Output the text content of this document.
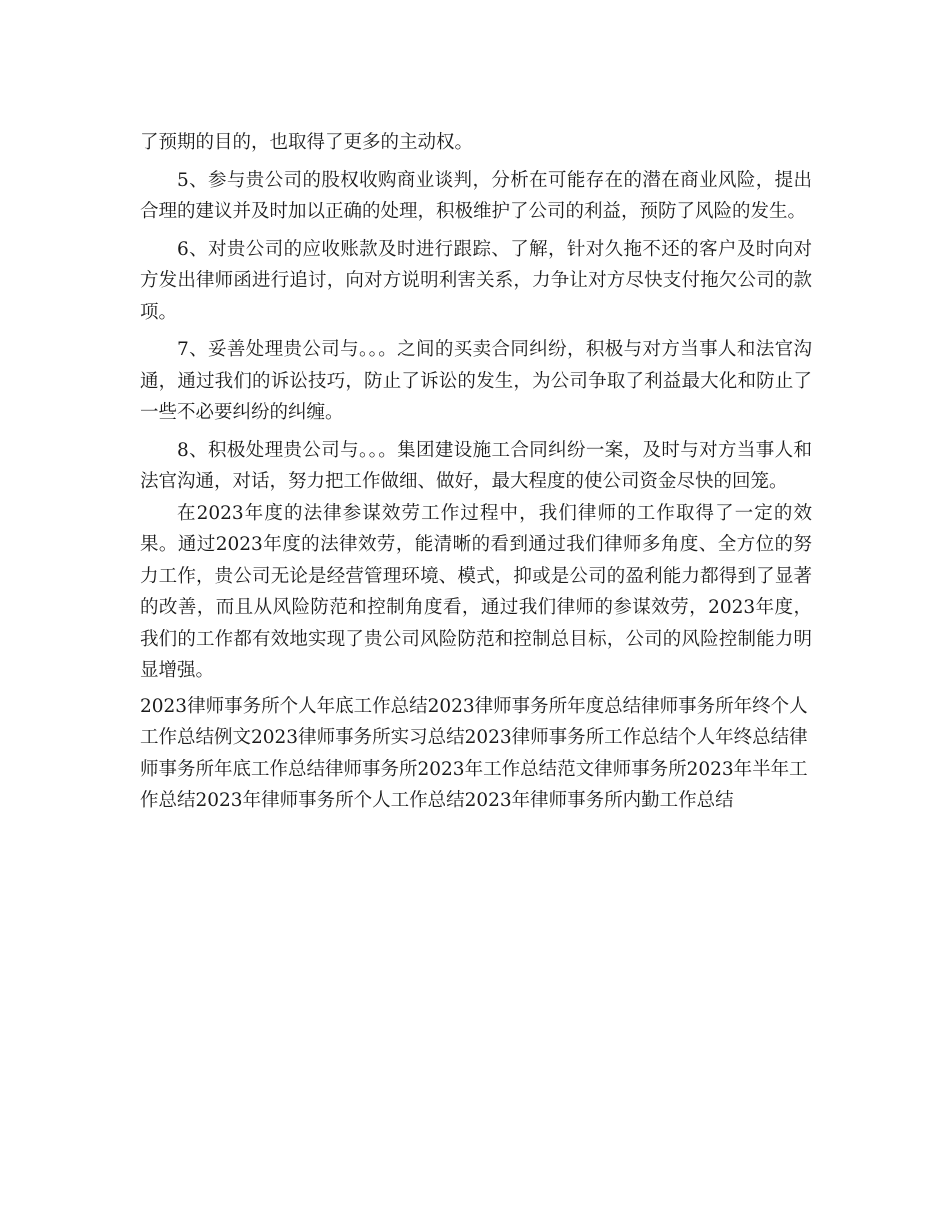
了预期的目的，也取得了更多的主动权。

5、参与贵公司的股权收购商业谈判，分析在可能存在的潜在商业风险，提出合理的建议并及时加以正确的处理，积极维护了公司的利益，预防了风险的发生。

6、对贵公司的应收账款及时进行跟踪、了解，针对久拖不还的客户及时向对方发出律师函进行追讨，向对方说明利害关系，力争让对方尽快支付拖欠公司的款项。

7、妥善处理贵公司与。。。之间的买卖合同纠纷，积极与对方当事人和法官沟通，通过我们的诉讼技巧，防止了诉讼的发生，为公司争取了利益最大化和防止了一些不必要纠纷的纠缠。

8、积极处理贵公司与。。。集团建设施工合同纠纷一案，及时与对方当事人和法官沟通，对话，努力把工作做细、做好，最大程度的使公司资金尽快的回笼。

在2023年度的法律参谋效劳工作过程中，我们律师的工作取得了一定的效果。通过2023年度的法律效劳，能清晰的看到通过我们律师多角度、全方位的努力工作，贵公司无论是经营管理环境、模式，抑或是公司的盈利能力都得到了显著的改善，而且从风险防范和控制角度看，通过我们律师的参谋效劳，2023年度，我们的工作都有效地实现了贵公司风险防范和控制总目标，公司的风险控制能力明显增强。

2023律师事务所个人年底工作总结2023律师事务所年度总结律师事务所年终个人工作总结例文2023律师事务所实习总结2023律师事务所工作总结个人年终总结律师事务所年底工作总结律师事务所2023年工作总结范文律师事务所2023年半年工作总结2023年律师事务所个人工作总结2023年律师事务所内勤工作总结
